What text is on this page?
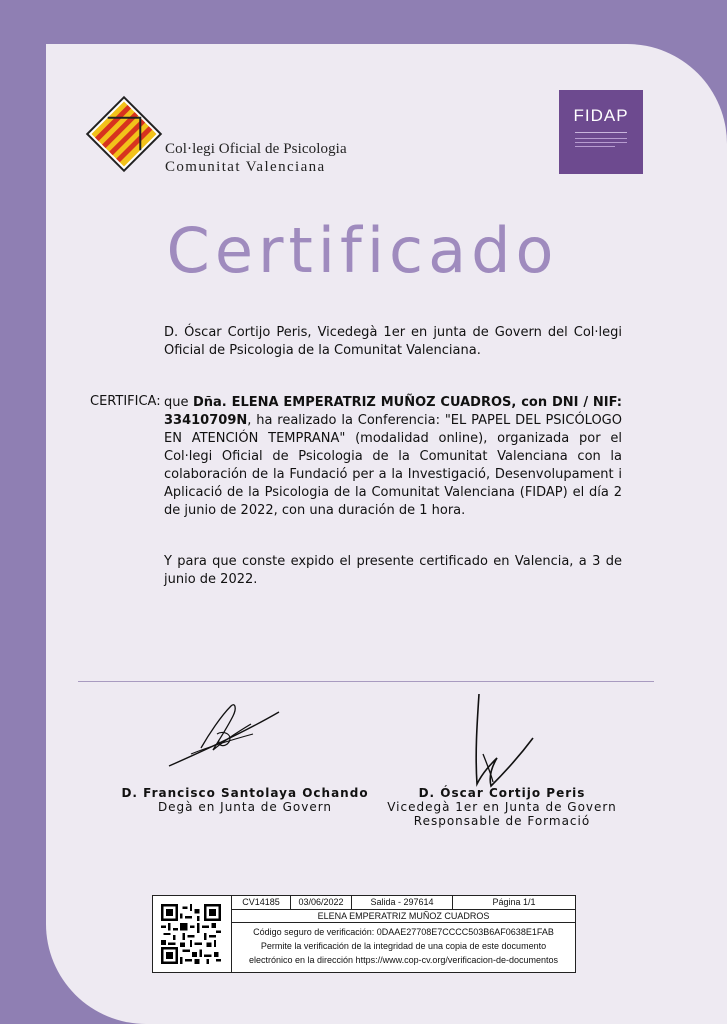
Col·legi Oficial de Psicologia
Comunitat Valenciana
FIDAP
Certificado
D. Óscar Cortijo Peris, Vicedegà 1er en junta de Govern del Col·legi Oficial de Psicologia de la Comunitat Valenciana.
CERTIFICA: que Dña. ELENA EMPERATRIZ MUÑOZ CUADROS, con DNI / NIF: 33410709N, ha realizado la Conferencia: "EL PAPEL DEL PSICÓLOGO EN ATENCIÓN TEMPRANA" (modalidad online), organizada por el Col·legi Oficial de Psicologia de la Comunitat Valenciana con la colaboración de la Fundació per a la Investigació, Desenvolupament i Aplicació de la Psicologia de la Comunitat Valenciana (FIDAP) el día 2 de junio de 2022, con una duración de 1 hora.
Y para que conste expido el presente certificado en Valencia, a 3 de junio de 2022.
D. Francisco Santolaya Ochando
Degà en Junta de Govern
D. Óscar Cortijo Peris
Vicedegà 1er en Junta de Govern
Responsable de Formació
CV14185	03/06/2022	Salida - 297614	Página 1/1
ELENA EMPERATRIZ MUÑOZ CUADROS
Código seguro de verificación: 0DAAE27708E7CCCC503B6AF0638E1FAB
Permite la verificación de la integridad de una copia de este documento
electrónico en la dirección https://www.cop-cv.org/verificacion-de-documentos
